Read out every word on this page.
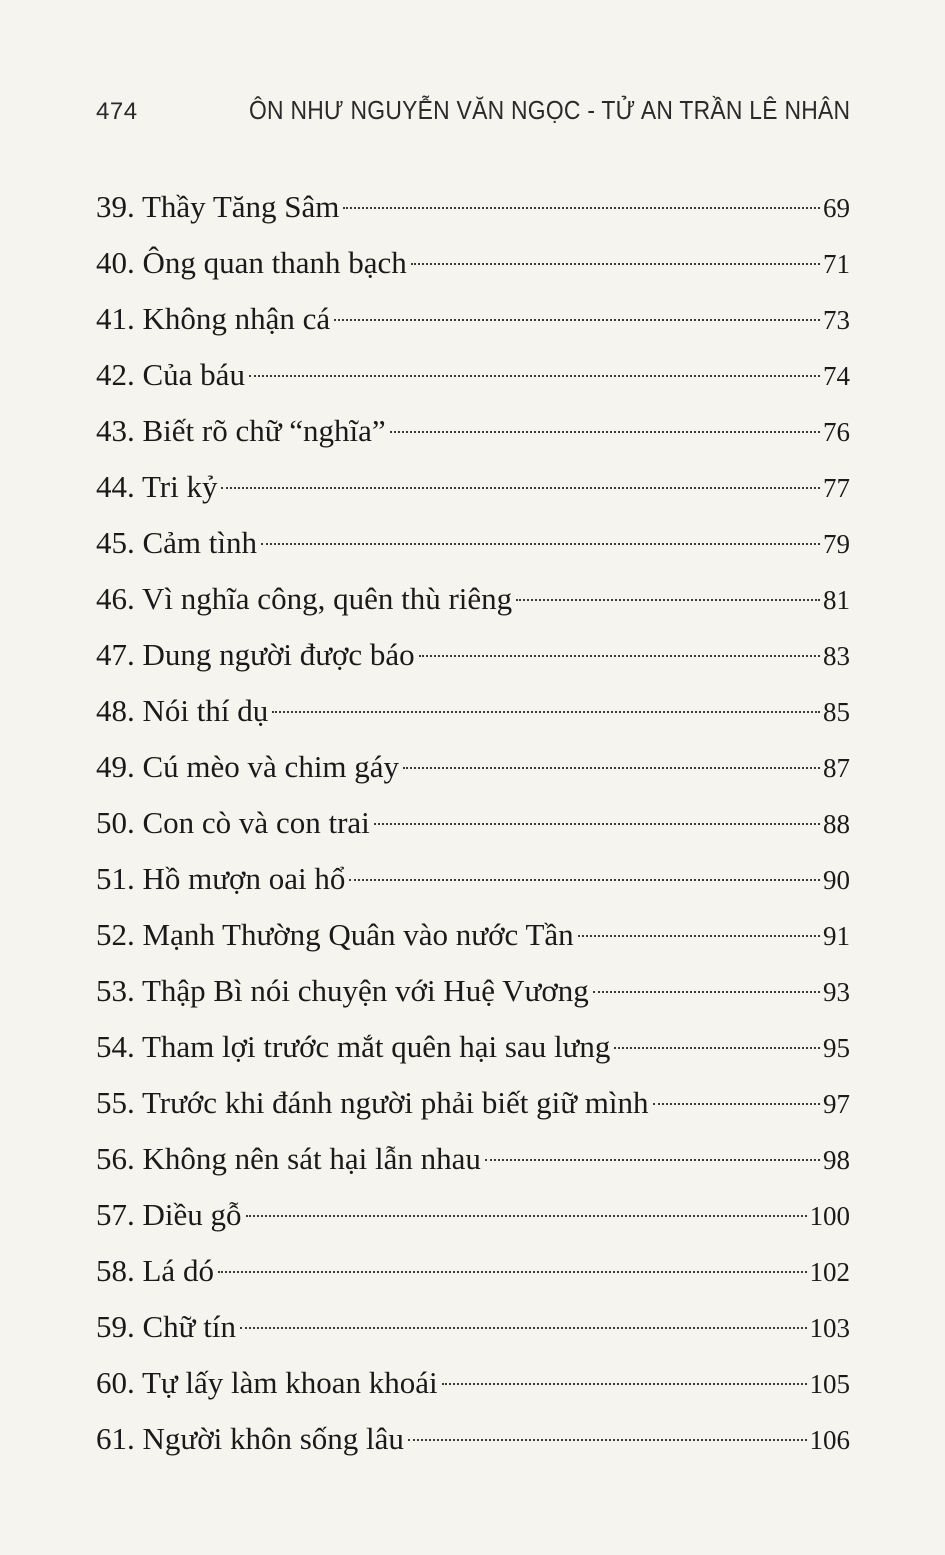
474	ÔN NHƯ NGUYỄN VĂN NGỌC - TỬ AN TRẦN LÊ NHÂN
39. Thầy Tăng Sâm	69
40. Ông quan thanh bạch	71
41. Không nhận cá	73
42. Của báu	74
43. Biết rõ chữ “nghĩa”	76
44. Tri kỷ	77
45. Cảm tình	79
46. Vì nghĩa công, quên thù riêng	81
47. Dung người được báo	83
48. Nói thí dụ	85
49. Cú mèo và chim gáy	87
50. Con cò và con trai	88
51. Hồ mượn oai hổ	90
52. Mạnh Thường Quân vào nước Tần	91
53. Thập Bì nói chuyện với Huệ Vương	93
54. Tham lợi trước mắt quên hại sau lưng	95
55. Trước khi đánh người phải biết giữ mình	97
56. Không nên sát hại lẫn nhau	98
57. Diều gỗ	100
58. Lá dó	102
59. Chữ tín	103
60. Tự lấy làm khoan khoái	105
61. Người khôn sống lâu	106
